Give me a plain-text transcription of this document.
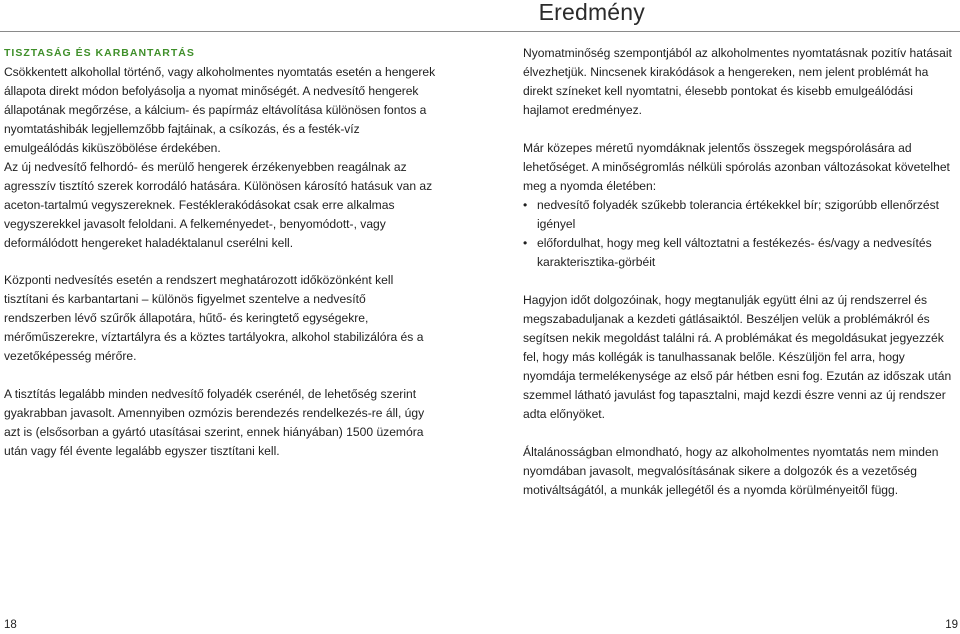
Eredmény
TISZTASÁG ÉS KARBANTARTÁS

Csökkentett alkohollal történő, vagy alkoholmentes nyomtatás esetén a hengerek állapota direkt módon befolyásolja a nyomat minőségét. A nedvesítő hengerek állapotának megőrzése, a kálcium- és papírmáz eltávolítása különösen fontos a nyomtatáshibák legjellemzőbb fajtáinak, a csíkozás, és a festék-víz emulgeálódás kiküszöbölése érdekében.

Az új nedvesítő felhordó- és merülő hengerek érzékenyebben reagálnak az agresszív tisztító szerek korrodáló hatására. Különösen károsító hatásuk van az aceton-tartalmú vegyszereknek. Festéklerakódásokat csak erre alkalmas vegyszerekkel javasolt feloldani. A felkeményedet-, benyomódott-, vagy deformálódott hengereket haladéktalanul cserélni kell.

Központi nedvesítés esetén a rendszert meghatározott időközönként kell tisztítani és karbantartani – különös figyelmet szentelve a nedvesítő rendszerben lévő szűrők állapotára, hűtő- és keringtető egységekre, mérőműszerekre, víztartályra és a köztes tartályokra, alkohol stabilizálóra és a vezetőképesség mérőre.

A tisztítás legalább minden nedvesítő folyadék cserénél, de lehetőség szerint gyakrabban javasolt. Amennyiben ozmózis berendezés rendelkezés-re áll, úgy azt is (elsősorban a gyártó utasításai szerint, ennek hiányában) 1500 üzemóra után vagy fél évente legalább egyszer tisztítani kell.

Nyomatminőség szempontjából az alkoholmentes nyomtatásnak pozitív hatásait élvezhetjük. Nincsenek kirakódások a hengereken, nem jelent problémát ha direkt színeket kell nyomtatni, élesebb pontokat és kisebb emulgeálódási hajlamot eredményez.

Már közepes méretű nyomdáknak jelentős összegek megspórolására ad lehetőséget. A minőségromlás nélküli spórolás azonban változásokat követelhet meg a nyomda életében:

• nedvesítő folyadék szűkebb tolerancia értékekkel bír; szigorúbb ellenőrzést igényel
• előfordulhat, hogy meg kell változtatni a festékezés- és/vagy a nedvesítés karakterisztika-görbéit

Hagyjon időt dolgozóinak, hogy megtanulják együtt élni az új rendszerrel és megszabaduljanak a kezdeti gátlásaiktól. Beszéljen velük a problémákról és segítsen nekik megoldást találni rá. A problémákat és megoldásukat jegyezzék fel, hogy más kollégák is tanulhassanak belőle. Készüljön fel arra, hogy nyomdája termelékenysége az első pár hétben esni fog. Ezután az időszak után szemmel látható javulást fog tapasztalni, majd kezdi észre venni az új rendszer adta előnyöket.

Általánosságban elmondható, hogy az alkoholmentes nyomtatás nem minden nyomdában javasolt, megvalósításának sikere a dolgozók és a vezetőség motiváltságától, a munkák jellegétől és a nyomda körülményeitől függ.

18	19
